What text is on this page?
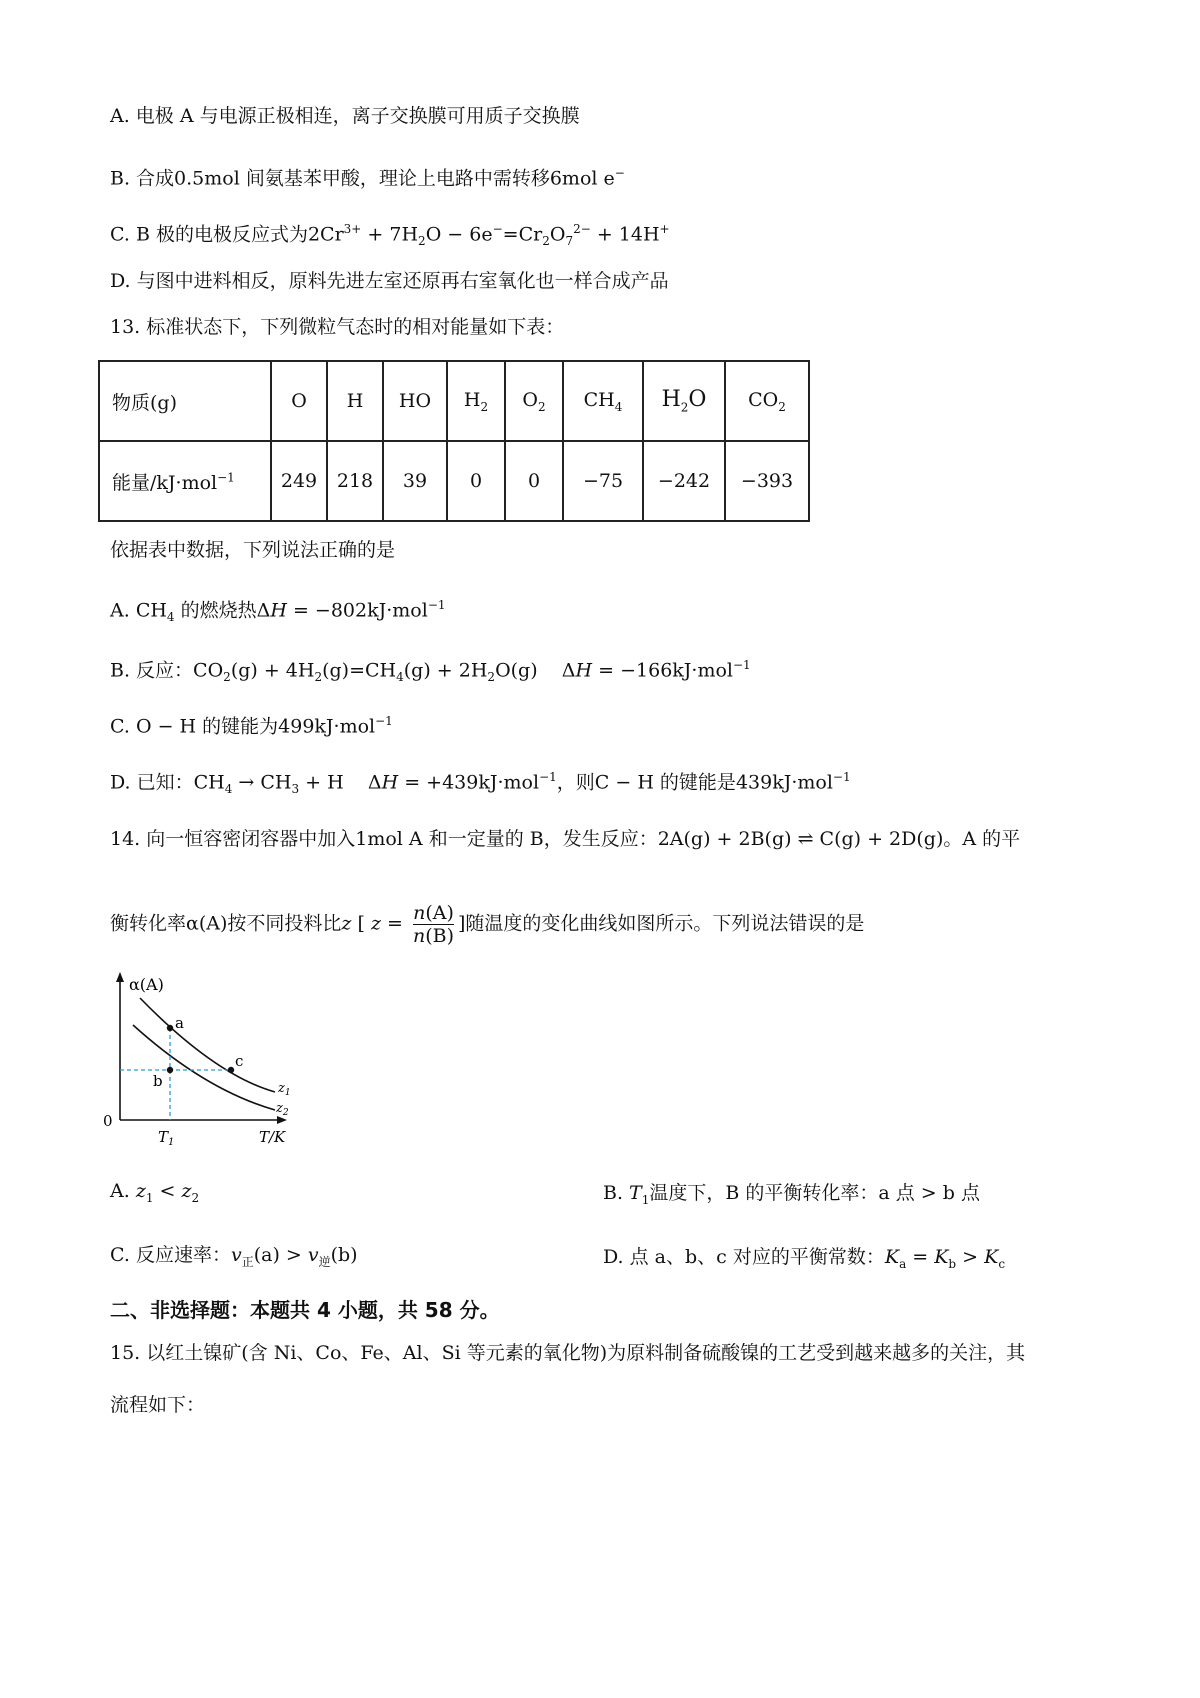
A. 电极 A 与电源正极相连，离子交换膜可用质子交换膜
B. 合成0.5mol 间氨基苯甲酸，理论上电路中需转移6mol e−
C. B 极的电极反应式为$2Cr^{3+} + 7H_2O - 6e^-=Cr_2O_7^{2-} + 14H^+$
D. 与图中进料相反，原料先进左室还原再右室氧化也一样合成产品
13. 标准状态下，下列微粒气态时的相对能量如下表：
物质(g)	O	H	HO	$H_2$	$O_2$	$CH_4$	$H_2O$	$CO_2$
能量/kJ·mol$^{-1}$	249	218	39	0	0	−75	−242	−393
依据表中数据，下列说法正确的是
A. $CH_4$ 的燃烧热ΔH = −802kJ·mol$^{-1}$
B. 反应：$CO_2(g) + 4H_2(g)=CH_4(g) + 2H_2O(g)$    ΔH = −166kJ·mol$^{-1}$
C. O − H 的键能为499kJ·mol$^{-1}$
D. 已知：$CH_4 \to CH_3 + H$    ΔH = +439kJ·mol$^{-1}$，则C − H 的键能是439kJ·mol$^{-1}$
14. 向一恒容密闭容器中加入1mol A 和一定量的 B，发生反应：2A(g) + 2B(g) ⇌ C(g) + 2D(g)。A 的平
衡转化率α(A)按不同投料比z [ $z = \frac{n(A)}{n(B)}$ ]随温度的变化曲线如图所示。下列说法错误的是
α(A)
0
T/K
$T_1$
$z_1$
$z_2$
a
b
c
A. $z_1 < z_2$	B. $T_1$温度下，B 的平衡转化率：a 点 > b 点
C. 反应速率：$v_正(a) > v_逆(b)$	D. 点 a、b、c 对应的平衡常数：$K_a = K_b > K_c$
二、非选择题：本题共 4 小题，共 58 分。
15. 以红土镍矿(含 Ni、Co、Fe、Al、Si 等元素的氧化物)为原料制备硫酸镍的工艺受到越来越多的关注，其
流程如下：
